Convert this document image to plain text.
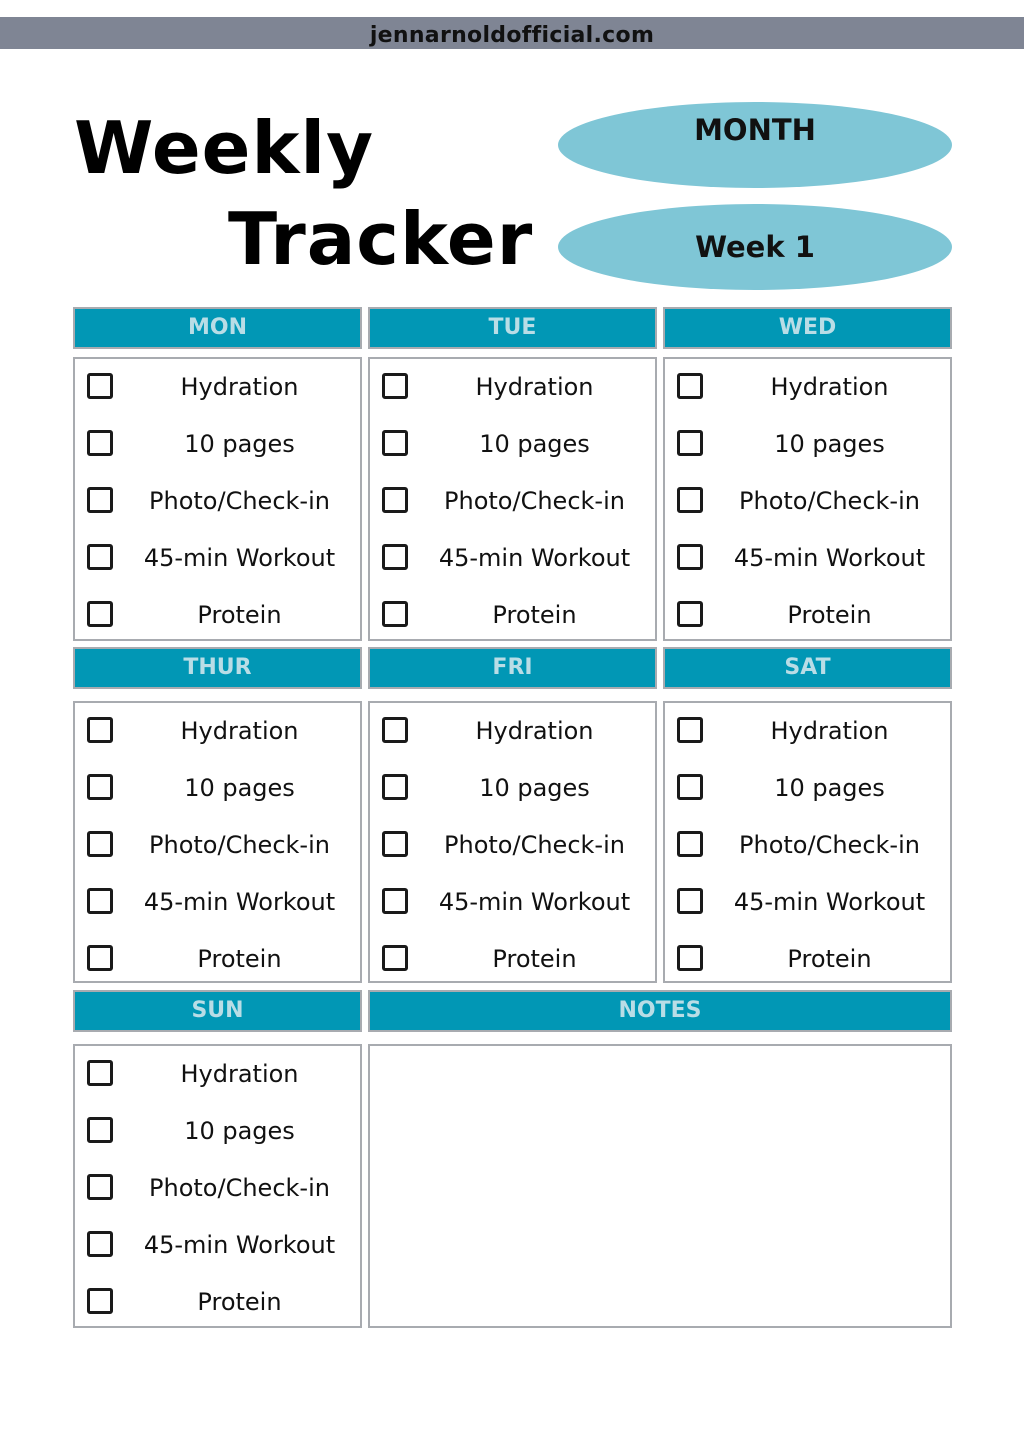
jennarnoldofficial.com
Weekly
Tracker
MONTH
Week 1
MON
Hydration
10 pages
Photo/Check-in
45-min Workout
Protein
TUE
Hydration
10 pages
Photo/Check-in
45-min Workout
Protein
WED
Hydration
10 pages
Photo/Check-in
45-min Workout
Protein
THUR
Hydration
10 pages
Photo/Check-in
45-min Workout
Protein
FRI
Hydration
10 pages
Photo/Check-in
45-min Workout
Protein
SAT
Hydration
10 pages
Photo/Check-in
45-min Workout
Protein
SUN
Hydration
10 pages
Photo/Check-in
45-min Workout
Protein
NOTES
